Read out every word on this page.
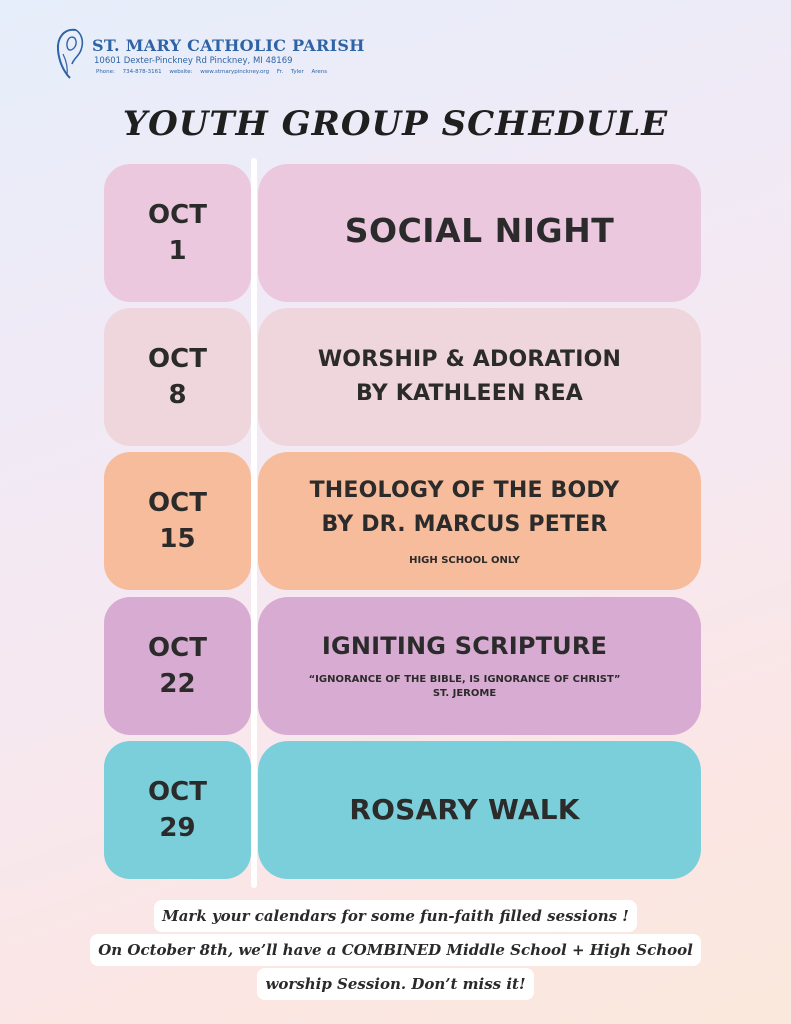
ST. MARY CATHOLIC PARISH
10601 Dexter-Pinckney Rd Pinckney, MI 48169
Phone: 734-878-3161 website: www.stmarypinckney.org Fr. Tyler Arens
YOUTH GROUP SCHEDULE
OCT
1
SOCIAL NIGHT
OCT
8
WORSHIP & ADORATION
BY KATHLEEN REA
OCT
15
THEOLOGY OF THE BODY
BY DR. MARCUS PETER
HIGH SCHOOL ONLY
OCT
22
IGNITING SCRIPTURE
“IGNORANCE OF THE BIBLE, IS IGNORANCE OF CHRIST”
ST. JEROME
OCT
29
ROSARY WALK
Mark your calendars for some fun-faith filled sessions !
On October 8th, we’ll have a COMBINED Middle School + High School
worship Session. Don’t miss it!
